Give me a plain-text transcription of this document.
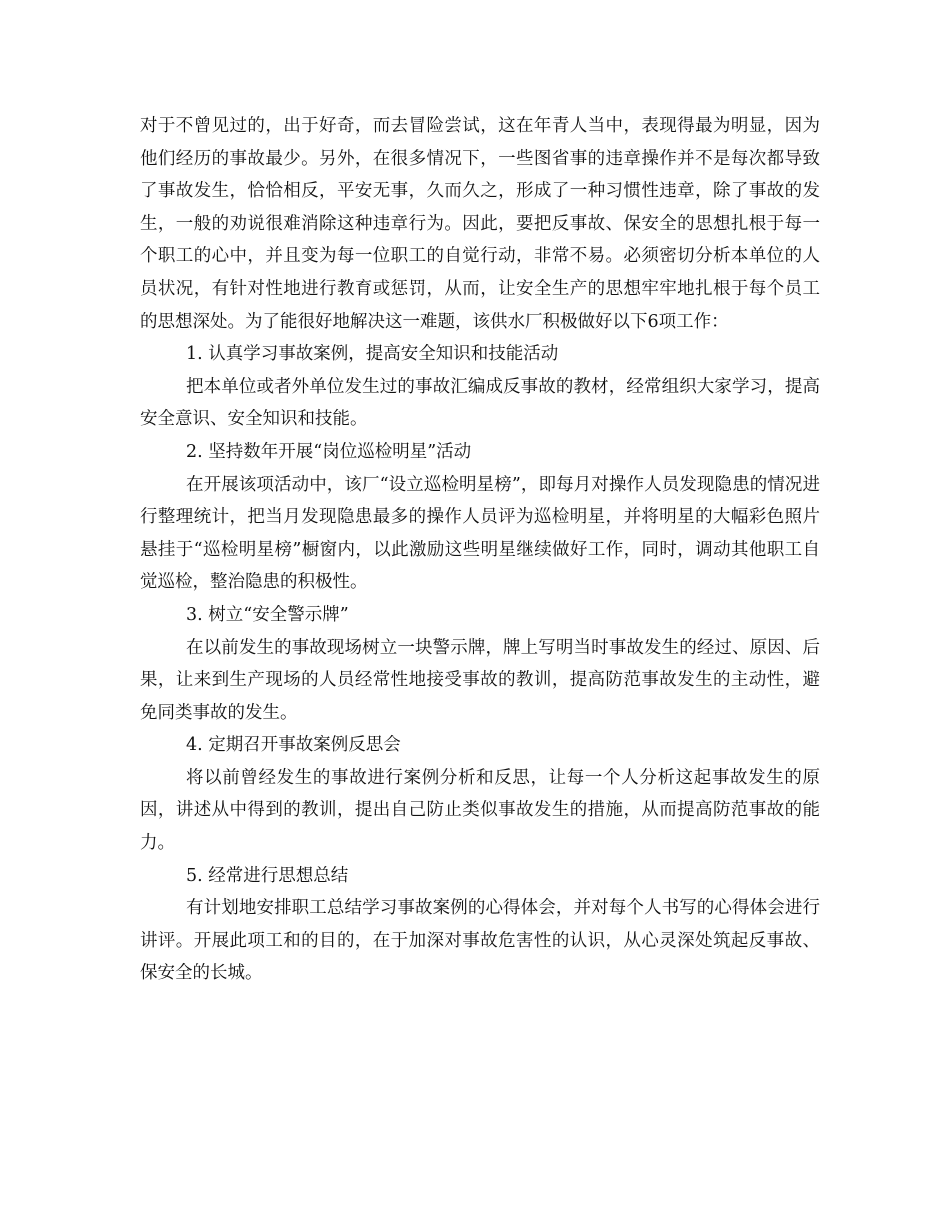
对于不曾见过的，出于好奇，而去冒险尝试，这在年青人当中，表现得最为明显，因为他们经历的事故最少。另外，在很多情况下，一些图省事的违章操作并不是每次都导致了事故发生，恰恰相反，平安无事，久而久之，形成了一种习惯性违章，除了事故的发生，一般的劝说很难消除这种违章行为。因此，要把反事故、保安全的思想扎根于每一个职工的心中，并且变为每一位职工的自觉行动，非常不易。必须密切分析本单位的人员状况，有针对性地进行教育或惩罚，从而，让安全生产的思想牢牢地扎根于每个员工的思想深处。为了能很好地解决这一难题，该供水厂积极做好以下6项工作：

1. 认真学习事故案例，提高安全知识和技能活动

把本单位或者外单位发生过的事故汇编成反事故的教材，经常组织大家学习，提高安全意识、安全知识和技能。

2. 坚持数年开展“岗位巡检明星”活动

在开展该项活动中，该厂“设立巡检明星榜”，即每月对操作人员发现隐患的情况进行整理统计，把当月发现隐患最多的操作人员评为巡检明星，并将明星的大幅彩色照片悬挂于“巡检明星榜”橱窗内，以此激励这些明星继续做好工作，同时，调动其他职工自觉巡检，整治隐患的积极性。

3. 树立“安全警示牌”

在以前发生的事故现场树立一块警示牌，牌上写明当时事故发生的经过、原因、后果，让来到生产现场的人员经常性地接受事故的教训，提高防范事故发生的主动性，避免同类事故的发生。

4. 定期召开事故案例反思会

将以前曾经发生的事故进行案例分析和反思，让每一个人分析这起事故发生的原因，讲述从中得到的教训，提出自己防止类似事故发生的措施，从而提高防范事故的能力。

5. 经常进行思想总结

有计划地安排职工总结学习事故案例的心得体会，并对每个人书写的心得体会进行讲评。开展此项工和的目的，在于加深对事故危害性的认识，从心灵深处筑起反事故、保安全的长城。
